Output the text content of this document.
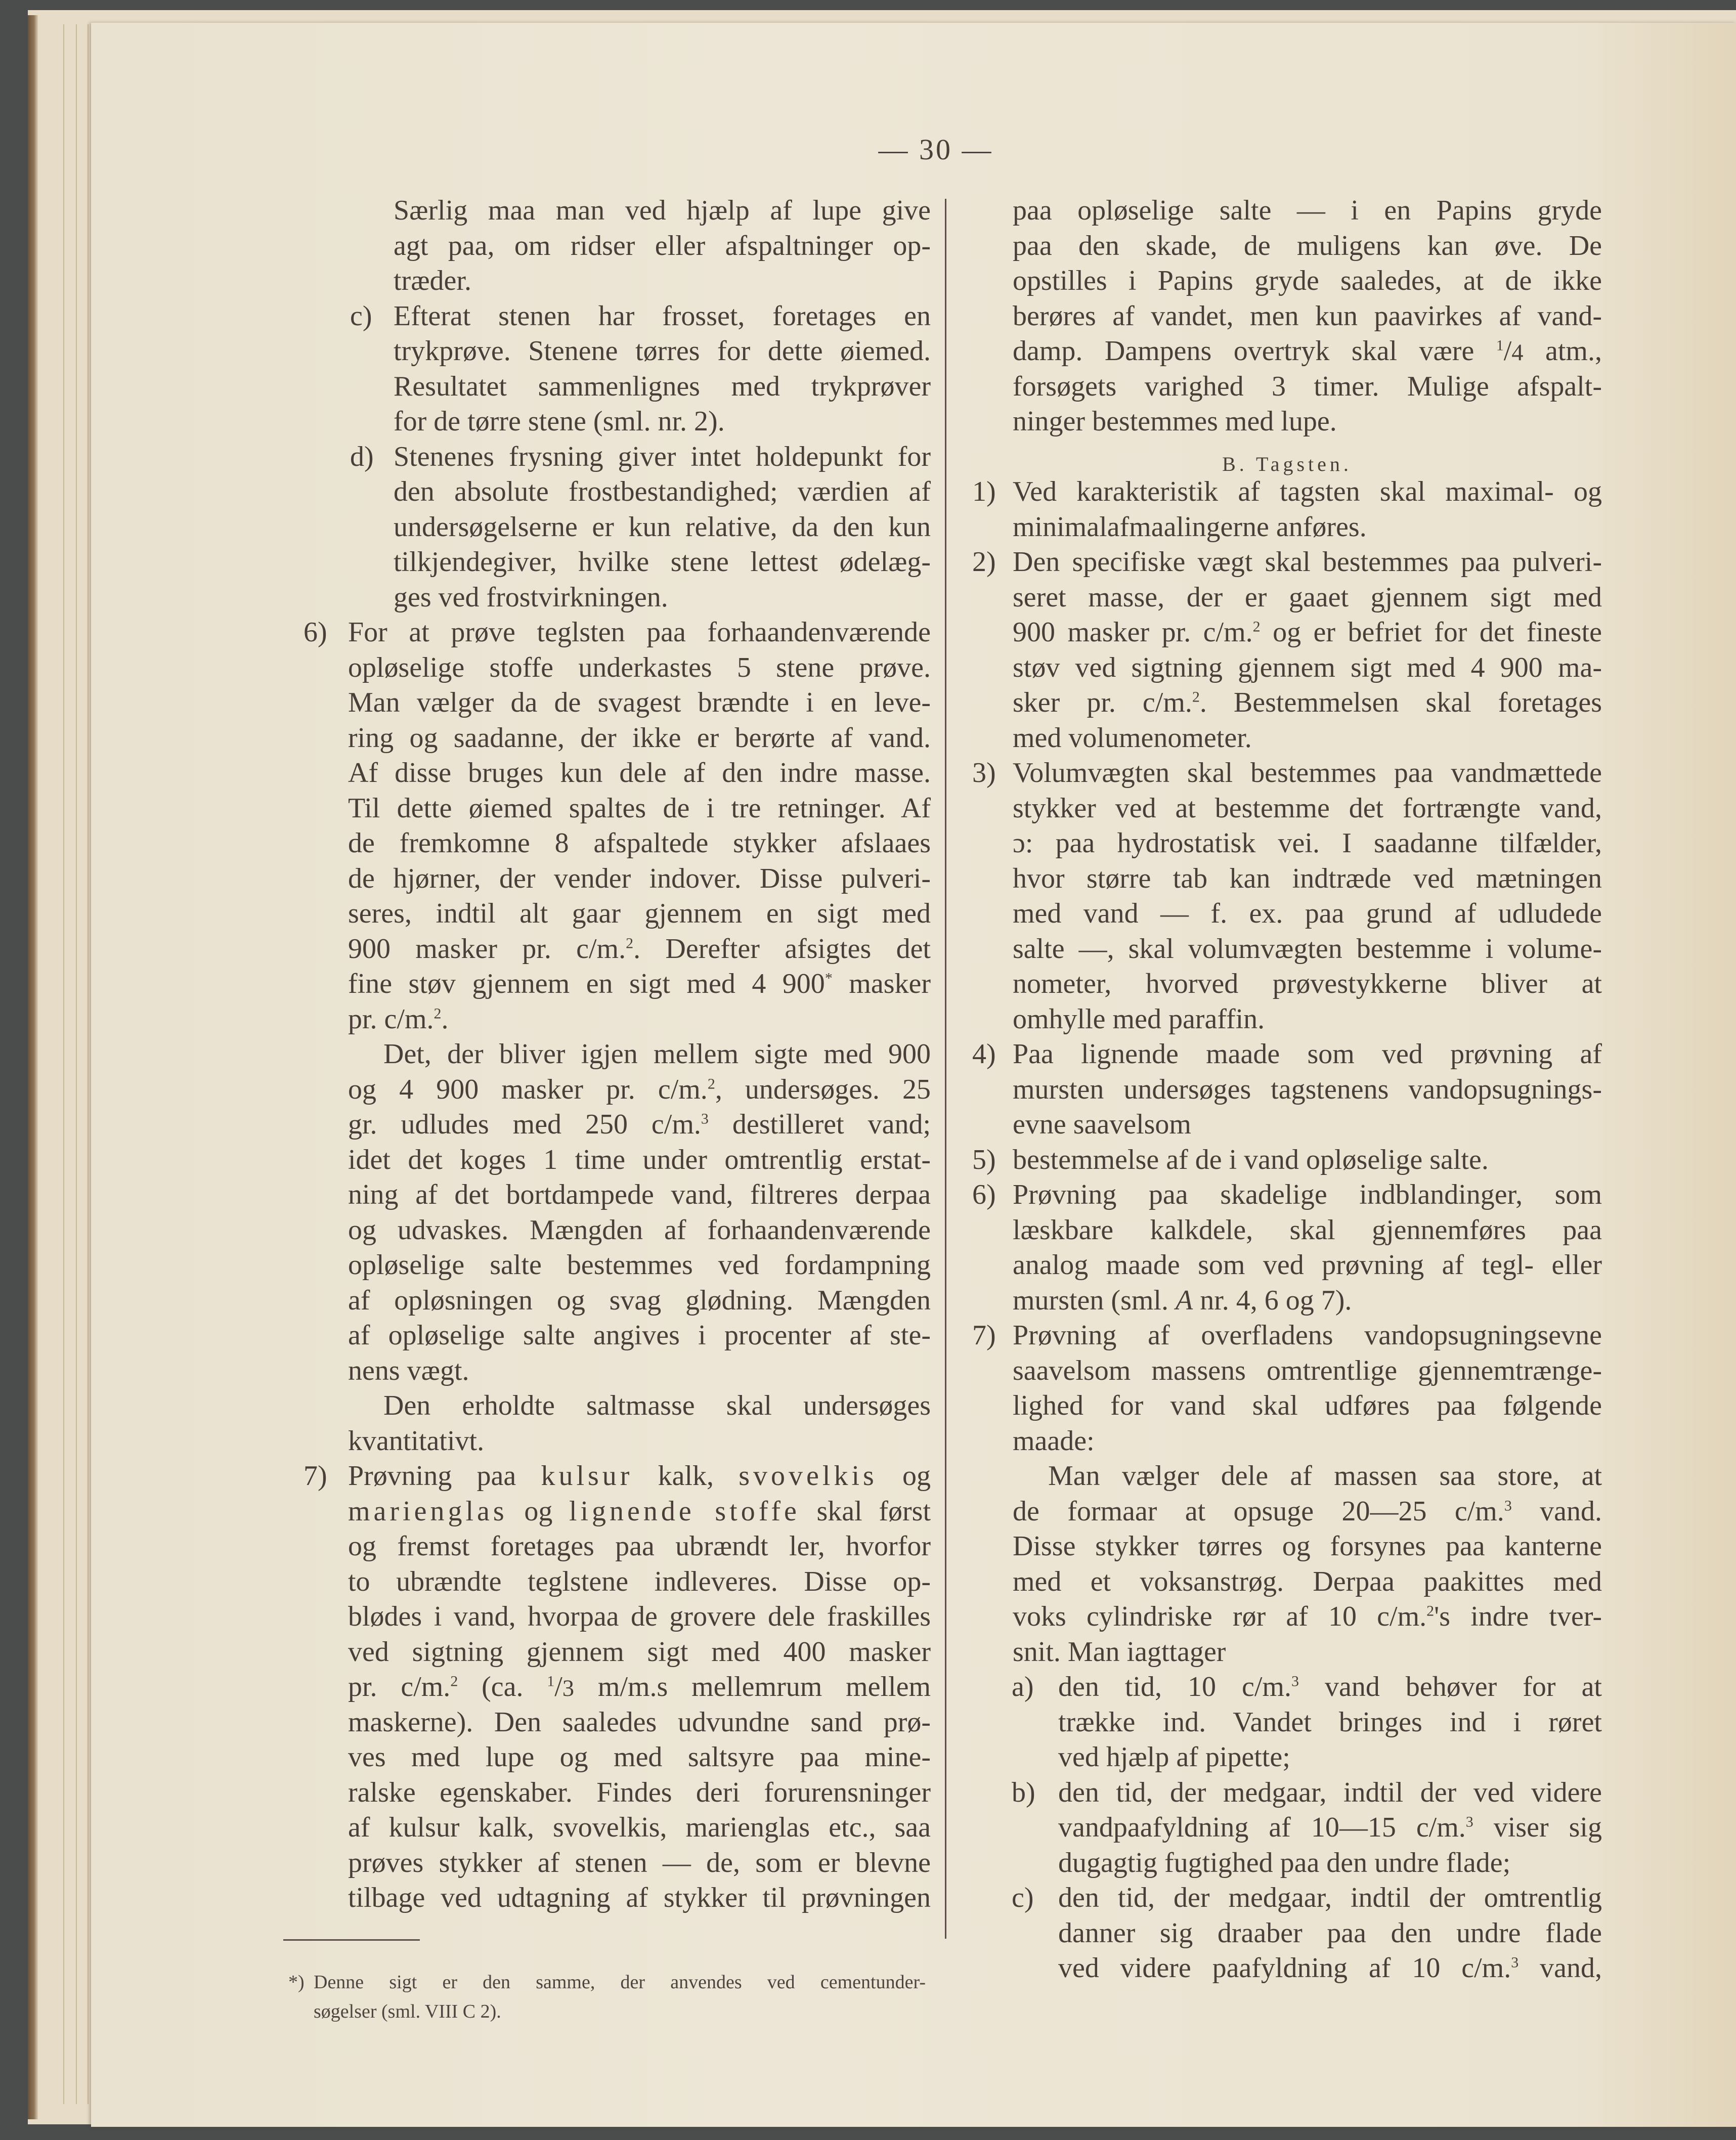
— 30 —
Særlig maa man ved hjælp af lupe give
agt paa, om ridser eller afspaltninger op-
træder.
c) Efterat stenen har frosset, foretages en
trykprøve. Stenene tørres for dette øiemed.
Resultatet sammenlignes med trykprøver
for de tørre stene (sml. nr. 2).
d) Stenenes frysning giver intet holdepunkt for
den absolute frostbestandighed; værdien af
undersøgelserne er kun relative, da den kun
tilkjendegiver, hvilke stene lettest ødelæg-
ges ved frostvirkningen.
6) For at prøve teglsten paa forhaandenværende
opløselige stoffe underkastes 5 stene prøve.
Man vælger da de svagest brændte i en leve-
ring og saadanne, der ikke er berørte af vand.
Af disse bruges kun dele af den indre masse.
Til dette øiemed spaltes de i tre retninger. Af
de fremkomne 8 afspaltede stykker afslaaes
de hjørner, der vender indover. Disse pulveri-
seres, indtil alt gaar gjennem en sigt med
900 masker pr. c/m.$^2$. Derefter afsigtes det
fine støv gjennem en sigt med 4 900* masker
pr. c/m.$^2$.
Det, der bliver igjen mellem sigte med 900
og 4 900 masker pr. c/m.$^2$, undersøges. 25
gr. udludes med 250 c/m.$^3$ destilleret vand;
idet det koges 1 time under omtrentlig erstat-
ning af det bortdampede vand, filtreres derpaa
og udvaskes. Mængden af forhaandenværende
opløselige salte bestemmes ved fordampning
af opløsningen og svag glødning. Mængden
af opløselige salte angives i procenter af ste-
nens vægt.
Den erholdte saltmasse skal undersøges
kvantitativt.
7) Prøvning paa kulsur kalk, svovelkis og
marienglas og lignende stoffe skal først
og fremst foretages paa ubrændt ler, hvorfor
to ubrændte teglstene indleveres. Disse op-
blødes i vand, hvorpaa de grovere dele fraskilles
ved sigtning gjennem sigt med 400 masker
pr. c/m.$^2$ (ca. $^1$/3 m/m.s mellemrum mellem
maskerne). Den saaledes udvundne sand prø-
ves med lupe og med saltsyre paa mine-
ralske egenskaber. Findes deri forurensninger
af kulsur kalk, svovelkis, marienglas etc., saa
prøves stykker af stenen — de, som er blevne
tilbage ved udtagning af stykker til prøvningen
paa opløselige salte — i en Papins gryde
paa den skade, de muligens kan øve. De
opstilles i Papins gryde saaledes, at de ikke
berøres af vandet, men kun paavirkes af vand-
damp. Dampens overtryk skal være $^1$/4 atm.,
forsøgets varighed 3 timer. Mulige afspalt-
ninger bestemmes med lupe.
B. Tagsten.
1) Ved karakteristik af tagsten skal maximal- og
minimalafmaalingerne anføres.
2) Den specifiske vægt skal bestemmes paa pulveri-
seret masse, der er gaaet gjennem sigt med
900 masker pr. c/m.$^2$ og er befriet for det fineste
støv ved sigtning gjennem sigt med 4 900 ma-
sker pr. c/m.$^2$. Bestemmelsen skal foretages
med volumenometer.
3) Volumvægten skal bestemmes paa vandmættede
stykker ved at bestemme det fortrængte vand,
ɔ: paa hydrostatisk vei. I saadanne tilfælder,
hvor større tab kan indtræde ved mætningen
med vand — f. ex. paa grund af udludede
salte —, skal volumvægten bestemme i volume-
nometer, hvorved prøvestykkerne bliver at
omhylle med paraffin.
4) Paa lignende maade som ved prøvning af
mursten undersøges tagstenens vandopsugnings-
evne saavelsom
5) bestemmelse af de i vand opløselige salte.
6) Prøvning paa skadelige indblandinger, som
læskbare kalkdele, skal gjennemføres paa
analog maade som ved prøvning af tegl- eller
mursten (sml. A nr. 4, 6 og 7).
7) Prøvning af overfladens vandopsugningsevne
saavelsom massens omtrentlige gjennemtrænge-
lighed for vand skal udføres paa følgende
maade:
Man vælger dele af massen saa store, at
de formaar at opsuge 20—25 c/m.$^3$ vand.
Disse stykker tørres og forsynes paa kanterne
med et voksanstrøg. Derpaa paakittes med
voks cylindriske rør af 10 c/m.$^2$'s indre tver-
snit. Man iagttager
a) den tid, 10 c/m.$^3$ vand behøver for at
trække ind. Vandet bringes ind i røret
ved hjælp af pipette;
b) den tid, der medgaar, indtil der ved videre
vandpaafyldning af 10—15 c/m.$^3$ viser sig
dugagtig fugtighed paa den undre flade;
c) den tid, der medgaar, indtil der omtrentlig
danner sig draaber paa den undre flade
ved videre paafyldning af 10 c/m.$^3$ vand,
*) Denne sigt er den samme, der anvendes ved cementunder-
søgelser (sml. VIII C 2).
